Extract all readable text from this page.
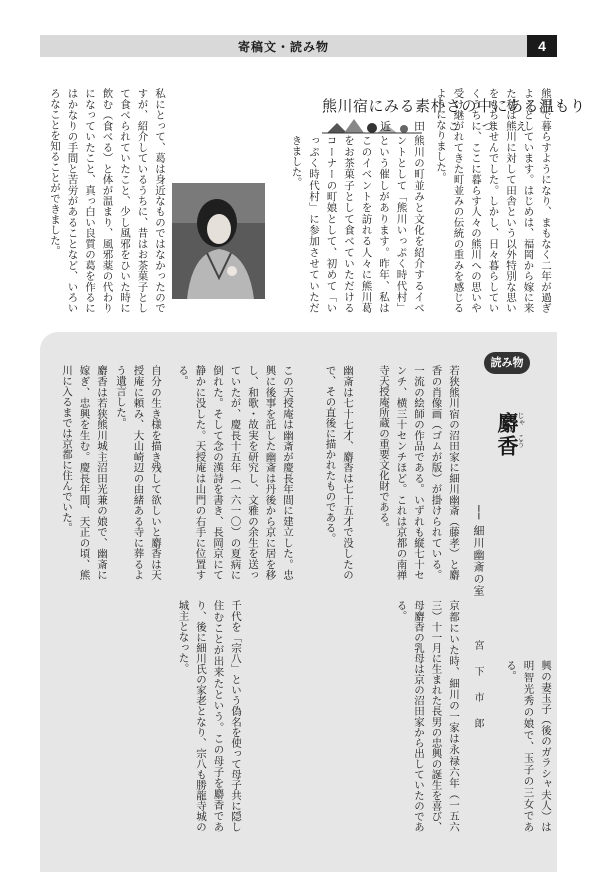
寄稿文・読み物	4
熊川宿にみる素朴さの中にある温もり
近　田　こ　づ　え 熊川で暮らすようになり、まもなく二年が過ぎようとしています。はじめは、福岡から嫁に来た私は熊川に対して田舎という以外特別な思いをもちませんでした。しかし、日々暮らしていくうちに、ここに暮らす人々の熊川への思いや受け継がれてきた町並みの伝統の重みを感じるようになりました。
熊川の町並みと文化を紹介するイベントとして「熊川いっぷく時代村」という催しがあります。昨年、私はこのイベントを訪れる人々に熊川葛をお茶菓子として食べていただけるコーナーの町娘として、初めて「いっぷく時代村」に参加させていただきました。
私にとって、葛は身近なものではなかったのですが、紹介しているうちに、昔はお茶菓子として食べられていたこと、少し風邪をひいた時に飲む（食べる）と体が温まり、風邪薬の代わりになっていたこと、真っ白い良質の葛を作るにはかなりの手間と苦労があることなど、いろいろなことを知ることができました。
読み物
麝香
じゃ
こう
── 細川幽斎の室
宮　下　市　郎
若狭熊川宿の沼田家に細川幽斎（藤孝）と麝香の肖像画（ゴムが版）が掛けられている。一流の絵師の作品である。いずれも縦七十センチ、横三十センチほど。これは京都の南禅寺天授庵所蔵の重要文化財である。
幽斎は七十七才、麝香は七十五才で没したので、その直後に描かれたものである。
この天授庵は幽斎が慶長年間に建立した。忠興に後事を託した幽斎は丹後から京に居を移し、和歌・故実を研究し、文雅の余生を送っていたが、慶長十五年（一六一〇）の夏病に倒れた。そして念の漢詩を書き、長岡京にて静かに没した。天授庵は山門の右手に位置する。
自分の生き様を描き残して欲しいと麝香は天授庵に頼み、大山崎辺の由緒ある寺に葬るよう遺言した。
麝香は若狭熊川城主沼田光兼の娘で、幽斎に嫁ぎ、忠興を生む。慶長年間、天正の頃、熊川に入るまでは京都に住んでいた。
京都にいた時、細川の一家は永禄六年（一五六三）十一月に生まれた長男の忠興の誕生を喜び、母麝香の乳母は京の沼田家から出していたのである。
千代を「宗八」という偽名を使って母子共に隠し住むことが出来たという。この母子を麝香であり、後に細川氏の家老となり、宗八も勝龍寺城の城主となった。
興の妻玉子（後のガラシャ夫人）は明智光秀の娘で、玉子の三女である。
